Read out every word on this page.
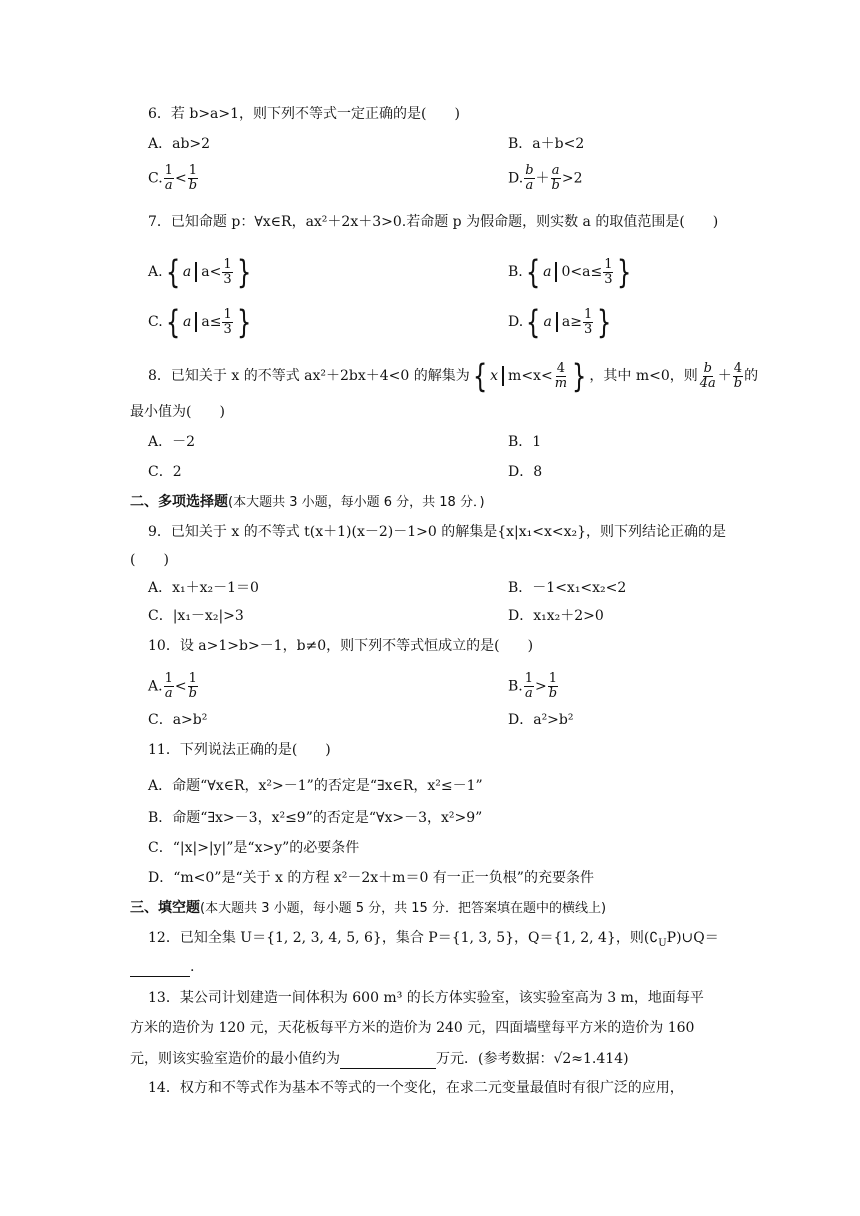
6．若 b>a>1，则下列不等式一定正确的是(　　)
A．ab>2	B．a＋b<2
C. $\frac{1}{a} < \frac{1}{b}$	D. $\frac{b}{a} + \frac{a}{b} >2$
7．已知命题 p：∀x∈R，ax²＋2x＋3>0.若命题 p 为假命题，则实数 a 的取值范围是(　　)
A. { a $a< \frac{1}{3}$ }	B. { a $0<a\le \frac{1}{3}$ }
C. { a $a\le \frac{1}{3}$ }	D. { a $a\ge \frac{1}{3}$ }
8．已知关于 x 的不等式 ax²＋2bx＋4<0 的解集为 { x $m<x< \frac{4}{m}$ } ，其中 m<0，则 $\frac{b}{4a} + \frac{4}{b}$ 的
最小值为(　　)
A．－2	B．1
C．2	D．8
二、多项选择题(本大题共 3 小题，每小题 6 分，共 18 分．)
9．已知关于 x 的不等式 t(x＋1)(x－2)－1>0 的解集是{x|x₁<x<x₂}，则下列结论正确的是
(　　)
A．x₁＋x₂－1＝0	B．－1<x₁<x₂<2
C．|x₁－x₂|>3	D．x₁x₂＋2>0
10．设 a>1>b>－1，b≠0，则下列不等式恒成立的是(　　)
A. $\frac{1}{a} < \frac{1}{b}$	B. $\frac{1}{a} > \frac{1}{b}$
C．a>b²	D．a²>b²
11．下列说法正确的是(　　)
A．命题“∀x∈R，x²>－1”的否定是“∃x∈R，x²≤－1”
B．命题“∃x>－3，x²≤9”的否定是“∀x>－3，x²>9”
C．“|x|>|y|”是“x>y”的必要条件
D．“m<0”是“关于 x 的方程 x²－2x＋m＝0 有一正一负根”的充要条件
三、填空题(本大题共 3 小题，每小题 5 分，共 15 分．把答案填在题中的横线上)
12．已知全集 U＝{1, 2, 3, 4, 5, 6}，集合 P＝{1, 3, 5}，Q＝{1, 2, 4}，则$(∁_UP)\cup Q=$
.
13．某公司计划建造一间体积为 600 m³ 的长方体实验室，该实验室高为 3 m，地面每平
方米的造价为 120 元，天花板每平方米的造价为 240 元，四面墙壁每平方米的造价为 160
元，则该实验室造价的最小值约为	万元．(参考数据：√2≈1.414)
14．权方和不等式作为基本不等式的一个变化，在求二元变量最值时有很广泛的应用，
